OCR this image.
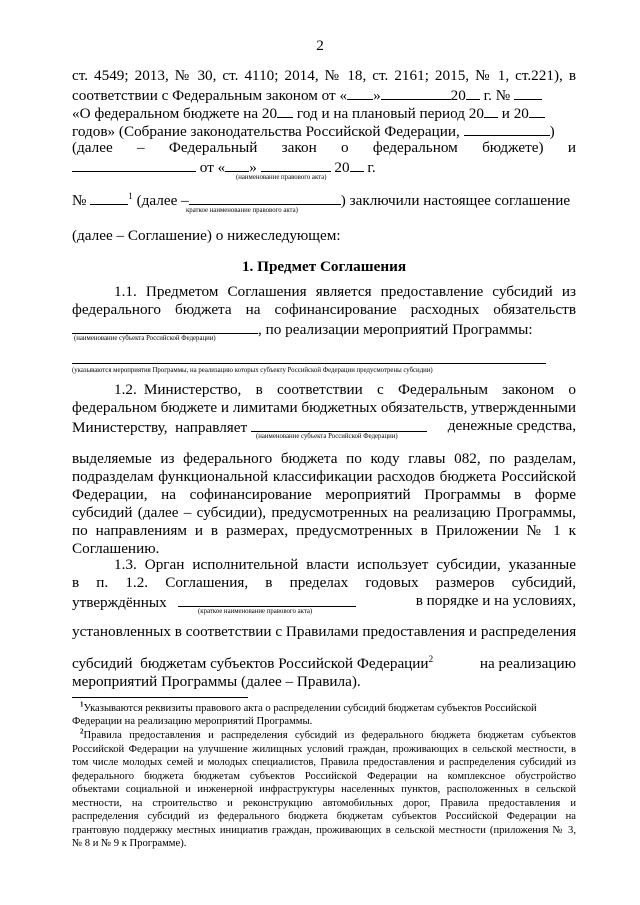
2
ст. 4549; 2013, № 30, ст. 4110; 2014, № 18, ст. 2161; 2015, № 1, ст.221), в
соответствии с Федеральным законом от « »	20 г. №
«О федеральном бюджете на 20 год и на плановый период 20 и 20
годов» (Собрание законодательства Российской Федерации,	)
(далее  –  Федеральный  закон  о  федеральном  бюджете)  и
от « »	20 г.
(наименование правового акта)
№	$^1$ (далее –	) заключили настоящее соглашение
краткое наименование правового акта)
(далее – Соглашение) о нижеследующем:
1. Предмет Соглашения
1.1. Предметом Соглашения является предоставление субсидий из
федерального бюджета на софинансирование расходных обязательств
, по реализации мероприятий Программы:
(наименование субъекта Российской Федерации)
(указываются мероприятия Программы, на реализацию которых субъекту Российской Федерации предусмотрены субсидии)
1.2. Министерство,  в  соответствии  с  Федеральным  законом  о
федеральном бюджете и лимитами бюджетных обязательств, утвержденными
Министерству,  направляет	денежные средства,
(наименование субъекта Российской Федерации)
выделяемые из федерального бюджета по коду главы 082, по разделам,
подразделам функциональной классификации расходов бюджета Российской
Федерации,  на  софинансирование  мероприятий  Программы  в  форме
субсидий (далее – субсидии), предусмотренных на реализацию Программы,
по направлениям и в размерах, предусмотренных в Приложении № 1 к
Соглашению.
1.3. Орган исполнительной власти использует субсидии, указанные
в п. 1.2. Соглашения, в пределах годовых размеров субсидий,
утверждённых	в порядке и на условиях,
(краткое наименование правового акта)
установленных в соответствии с Правилами предоставления и распределения
субсидий  бюджетам субъектов Российской Федерации$^2$	на реализацию
мероприятий Программы (далее – Правила).
$^1$Указываются реквизиты правового акта о распределении субсидий бюджетам субъектов Российской
Федерации на реализацию мероприятий Программы.
$^2$Правила предоставления и распределения субсидий из федерального бюджета бюджетам субъектов
Российской Федерации на улучшение жилищных условий граждан, проживающих в сельской местности, в
том числе молодых семей и молодых специалистов, Правила предоставления и распределения субсидий из
федерального бюджета бюджетам субъектов Российской Федерации на комплексное обустройство
объектами социальной и инженерной инфраструктуры населенных пунктов, расположенных в сельской
местности, на строительство и реконструкцию автомобильных дорог, Правила предоставления и
распределения субсидий из федерального бюджета бюджетам субъектов Российской Федерации на
грантовую поддержку местных инициатив граждан, проживающих в сельской местности (приложения № 3,
№ 8 и № 9 к Программе).
